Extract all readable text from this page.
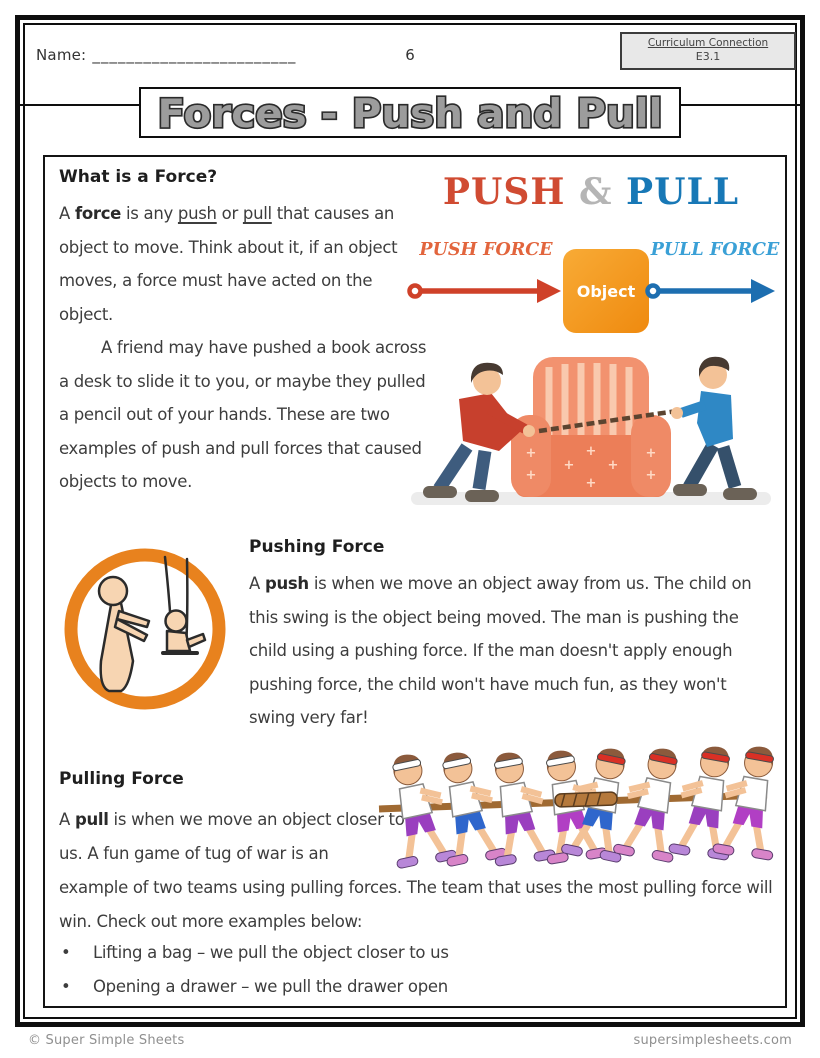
Name: ________________________	6
Curriculum Connection
E3.1
Forces - Push and Pull
What is a Force?
A force is any push or pull that causes an object to move. Think about it, if an object moves, a force must have acted on the object.
A friend may have pushed a book across a desk to slide it to you, or maybe they pulled a pencil out of your hands. These are two examples of push and pull forces that caused objects to move.
PUSH & PULL
PUSH FORCE	PULL FORCE
Object
+
+
+
+
+
+
+
+
Pushing Force
A push is when we move an object away from us. The child on this swing is the object being moved. The man is pushing the child using a pushing force. If the man doesn't apply enough pushing force, the child won't have much fun, as they won't swing very far!
Pulling Force
A pull is when we move an object closer to us. A fun game of tug of war is an
example of two teams using pulling forces. The team that uses the most pulling force will win. Check out more examples below:
•	Lifting a bag – we pull the object closer to us
•	Opening a drawer – we pull the drawer open
© Super Simple Sheets	supersimplesheets.com
